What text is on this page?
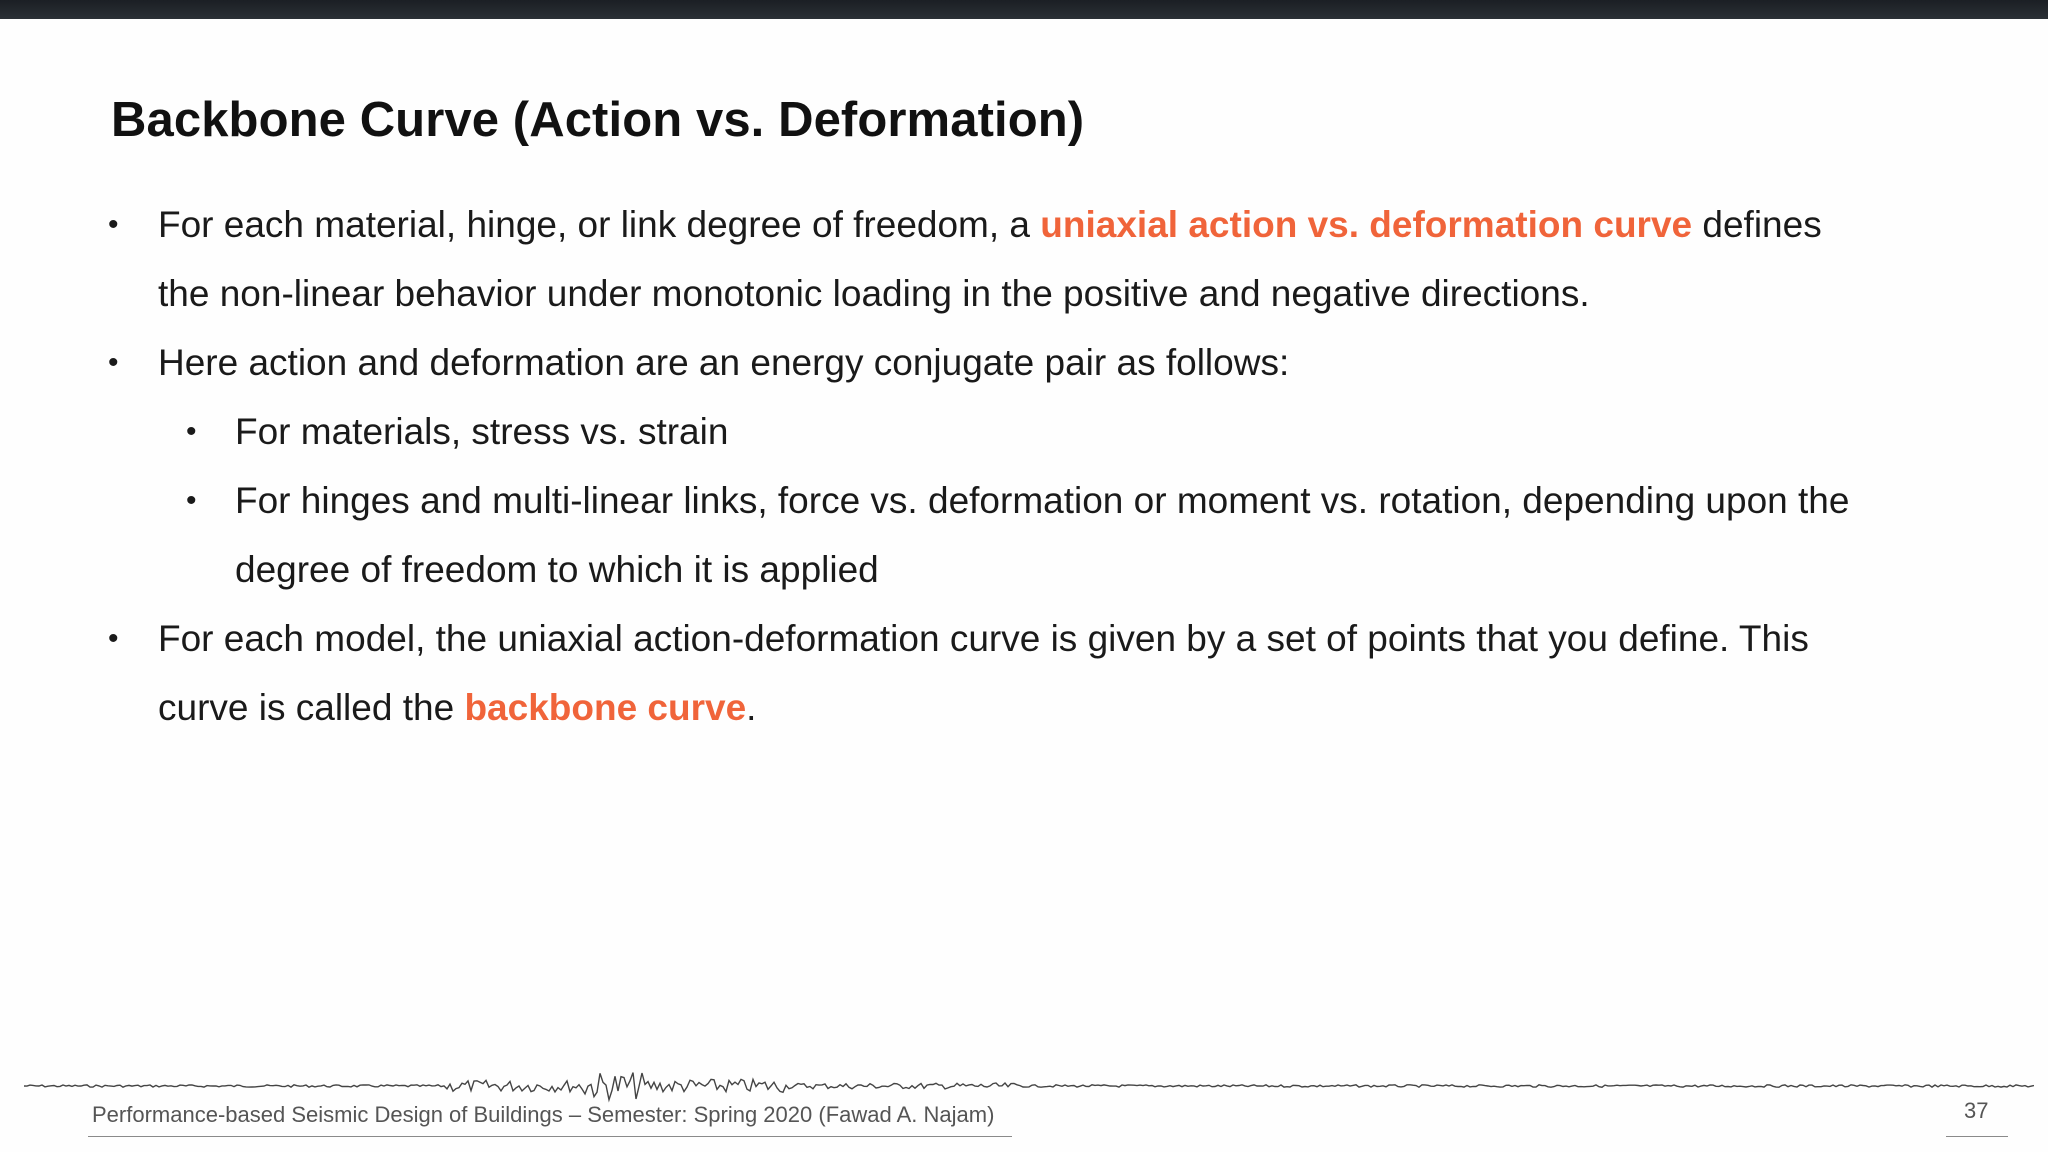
Backbone Curve (Action vs. Deformation)
• For each material, hinge, or link degree of freedom, a uniaxial action vs. deformation curve defines
the non-linear behavior under monotonic loading in the positive and negative directions.
• Here action and deformation are an energy conjugate pair as follows:
• For materials, stress vs. strain
• For hinges and multi-linear links, force vs. deformation or moment vs. rotation, depending upon the
degree of freedom to which it is applied
• For each model, the uniaxial action-deformation curve is given by a set of points that you define. This
curve is called the backbone curve.
Performance-based Seismic Design of Buildings – Semester: Spring 2020 (Fawad A. Najam)	37
